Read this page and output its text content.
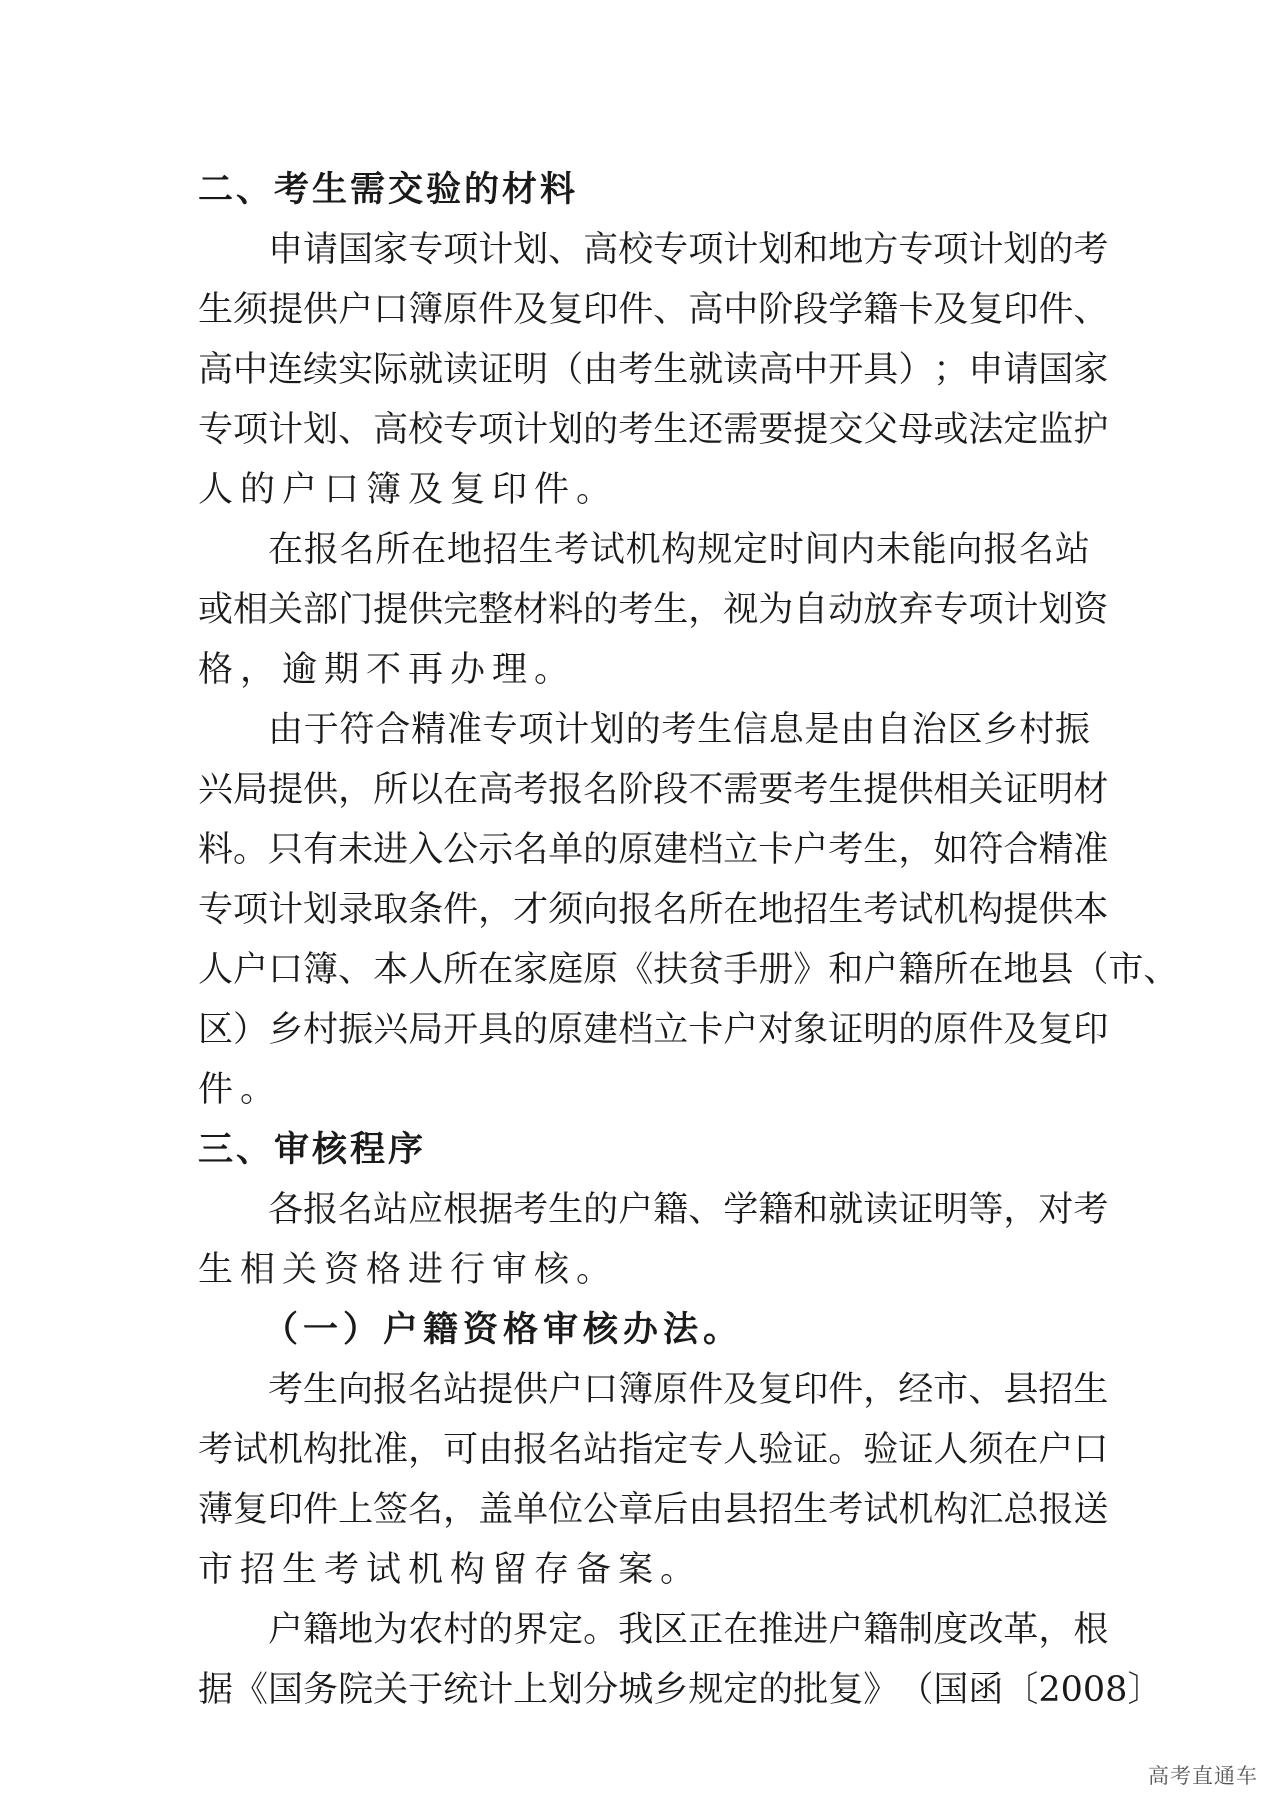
二、考生需交验的材料
申 请 国 家 专 项 计 划 、 高 校 专 项 计 划 和 地 方 专 项 计 划 的 考
生 须 提 供 户 口 簿 原 件 及 复 印 件 、 高 中 阶 段 学 籍 卡 及 复 印 件 、
高 中 连 续 实 际 就 读 证 明 （ 由 考 生 就 读 高 中 开 具 ） ； 申 请 国 家
专 项 计 划 、 高 校 专 项 计 划 的 考 生 还 需 要 提 交 父 母 或 法 定 监 护
人的户口簿及复印件。
在 报 名 所 在 地 招 生 考 试 机 构 规 定 时 间 内 未 能 向 报 名 站
或 相 关 部 门 提 供 完 整 材 料 的 考 生 ， 视 为 自 动 放 弃 专 项 计 划 资
格，逾期不再办理。
由 于 符 合 精 准 专 项 计 划 的 考 生 信 息 是 由 自 治 区 乡 村 振
兴 局 提 供 ， 所 以 在 高 考 报 名 阶 段 不 需 要 考 生 提 供 相 关 证 明 材
料 。 只 有 未 进 入 公 示 名 单 的 原 建 档 立 卡 户 考 生 ， 如 符 合 精 准
专 项 计 划 录 取 条 件 ， 才 须 向 报 名 所 在 地 招 生 考 试 机 构 提 供 本
人 户 口 簿 、 本 人 所 在 家 庭 原 《 扶 贫 手 册 》 和 户 籍 所 在 地 县 （ 市 、
区 ） 乡 村 振 兴 局 开 具 的 原 建 档 立 卡 户 对 象 证 明 的 原 件 及 复 印
件。
三、审核程序
各 报 名 站 应 根 据 考 生 的 户 籍 、 学 籍 和 就 读 证 明 等 ， 对 考
生相关资格进行审核。
（一）户籍资格审核办法。
考 生 向 报 名 站 提 供 户 口 簿 原 件 及 复 印 件 ， 经 市 、 县 招 生
考 试 机 构 批 准 ， 可 由 报 名 站 指 定 专 人 验 证 。 验 证 人 须 在 户 口
薄 复 印 件 上 签 名 ， 盖 单 位 公 章 后 由 县 招 生 考 试 机 构 汇 总 报 送
市招生考试机构留存备案。
户 籍 地 为 农 村 的 界 定 。 我 区 正 在 推 进 户 籍 制 度 改 革 ， 根
据 《 国 务 院 关 于 统 计 上 划 分 城 乡 规 定 的 批 复 》 （ 国 函 〔 2008 〕
高考直通车
